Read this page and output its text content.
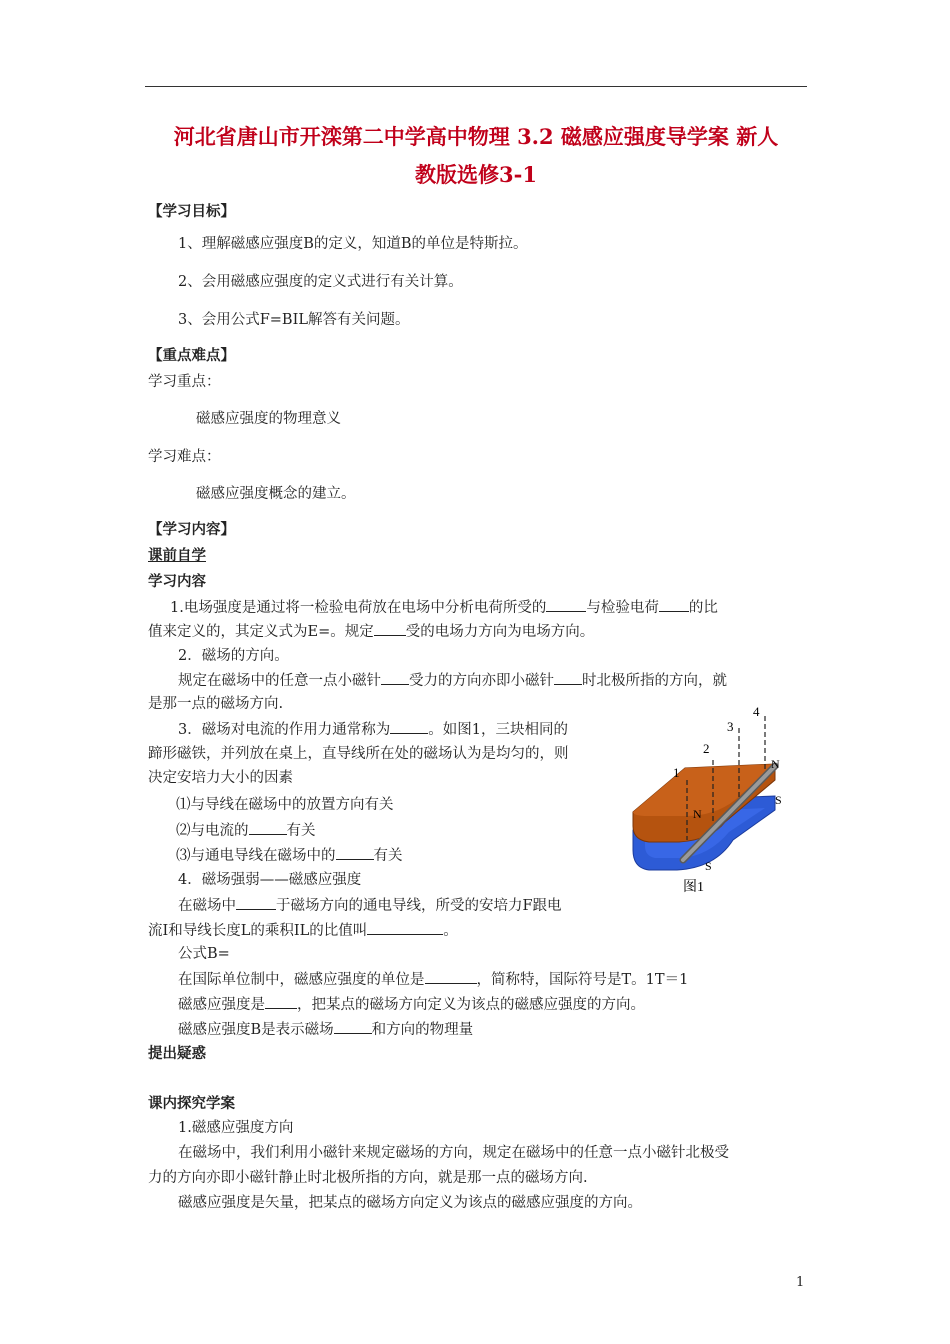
河北省唐山市开滦第二中学高中物理 3.2 磁感应强度导学案 新人
教版选修3-1
【学习目标】
1、理解磁感应强度B的定义，知道B的单位是特斯拉。
2、会用磁感应强度的定义式进行有关计算。
3、会用公式F=BIL解答有关问题。
【重点难点】
学习重点：
磁感应强度的物理意义
学习难点：
磁感应强度概念的建立。
【学习内容】
课前自学
学习内容
1.电场强度是通过将一检验电荷放在电场中分析电荷所受的	与检验电荷 的比
值来定义的，其定义式为E=。规定 受的电场力方向为电场方向。
2．磁场的方向。
规定在磁场中的任意一点小磁针 受力的方向亦即小磁针 时北极所指的方向，就
是那一点的磁场方向.
3．磁场对电流的作用力通常称为	。如图1，三块相同的
蹄形磁铁，并列放在桌上，直导线所在处的磁场认为是均匀的，则
决定安培力大小的因素
⑴与导线在磁场中的放置方向有关
⑵与电流的	有关
⑶与通电导线在磁场中的	有关
4．磁场强弱——磁感应强度
在磁场中	于磁场方向的通电导线，所受的安培力F跟电
流I和导线长度L的乘积IL的比值叫	。
公式B=
在国际单位制中，磁感应强度的单位是	，简称特，国际符号是T。1T＝1
磁感应强度是 ，把某点的磁场方向定义为该点的磁感应强度的方向。
磁感应强度B是表示磁场	和方向的物理量
提出疑惑
课内探究学案
1.磁感应强度方向
在磁场中，我们利用小磁针来规定磁场的方向，规定在磁场中的任意一点小磁针北极受
力的方向亦即小磁针静止时北极所指的方向，就是那一点的磁场方向.
磁感应强度是矢量，把某点的磁场方向定义为该点的磁感应强度的方向。
1
2
3
4
N
S
N
S
图1
1
